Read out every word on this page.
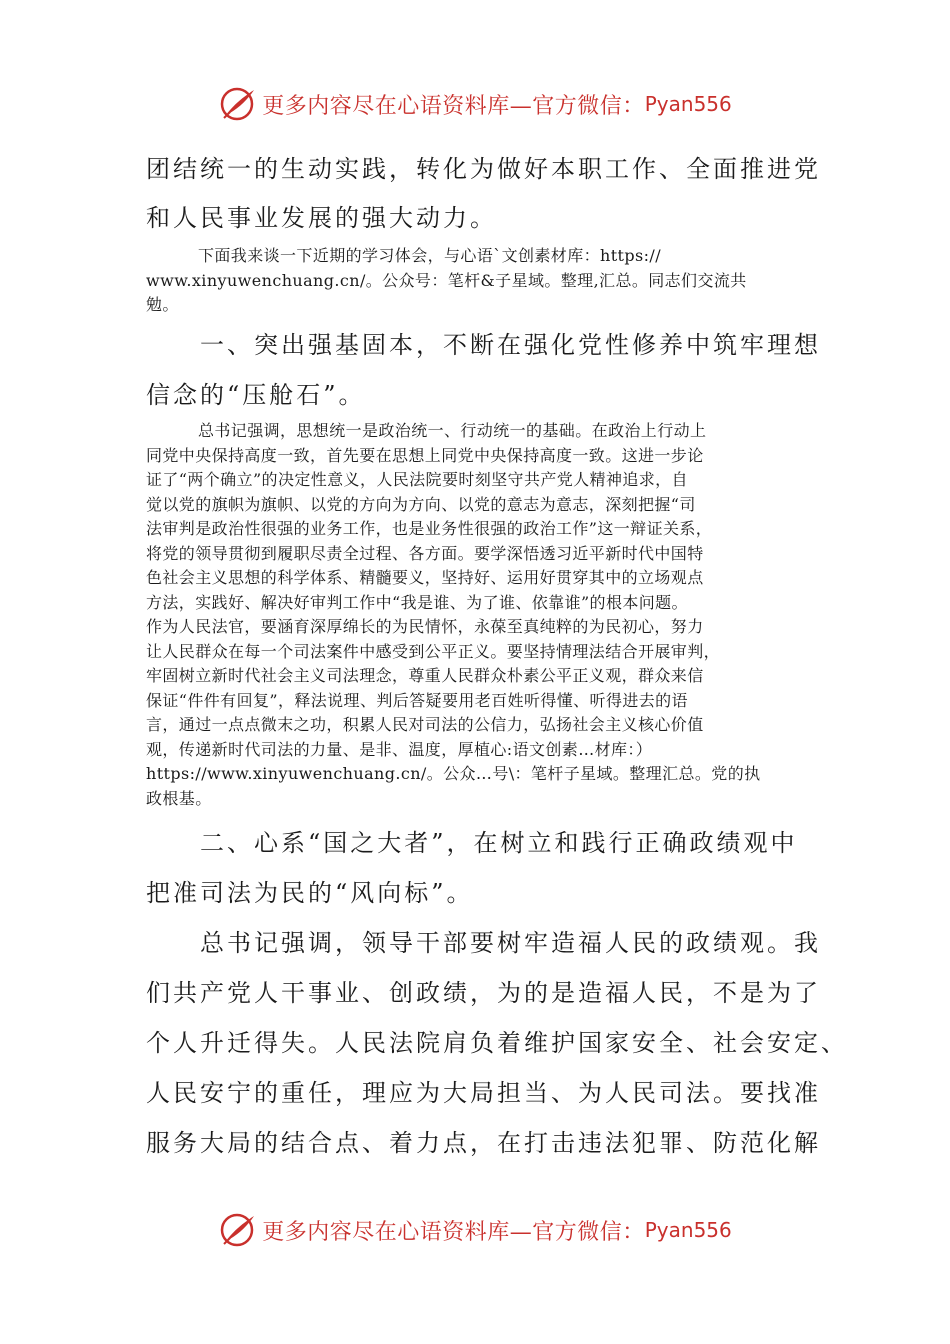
更多内容尽在心语资料库—官方微信： Pyan556
团结统一的生动实践，转化为做好本职工作、全面推进党
和人民事业发展的强大动力。
下面我来谈一下近期的学习体会，与心语`文创素材库：https://
www.xinyuwenchuang.cn/。公众号：笔杆&子星域。整理,汇总。同志们交流共
勉。
一、突出强基固本，不断在强化党性修养中筑牢理想
信念的“压舱石”。
总书记强调，思想统一是政治统一、行动统一的基础。在政治上行动上
同党中央保持高度一致，首先要在思想上同党中央保持高度一致。这进一步论
证了“两个确立”的决定性意义，人民法院要时刻坚守共产党人精神追求，自
觉以党的旗帜为旗帜、以党的方向为方向、以党的意志为意志，深刻把握“司
法审判是政治性很强的业务工作，也是业务性很强的政治工作”这一辩证关系，
将党的领导贯彻到履职尽责全过程、各方面。要学深悟透习近平新时代中国特
色社会主义思想的科学体系、精髓要义，坚持好、运用好贯穿其中的立场观点
方法，实践好、解决好审判工作中“我是谁、为了谁、依靠谁”的根本问题。
作为人民法官，要涵育深厚绵长的为民情怀，永葆至真纯粹的为民初心，努力
让人民群众在每一个司法案件中感受到公平正义。要坚持情理法结合开展审判，
牢固树立新时代社会主义司法理念，尊重人民群众朴素公平正义观，群众来信
保证“件件有回复”，释法说理、判后答疑要用老百姓听得懂、听得进去的语
言，通过一点点微末之功，积累人民对司法的公信力，弘扬社会主义核心价值
观，传递新时代司法的力量、是非、温度，厚植心:语文创素…材库：）
https://www.xinyuwenchuang.cn/。公众…号\：笔杆子星域。整理汇总。党的执
政根基。
二、心系“国之大者”，在树立和践行正确政绩观中
把准司法为民的“风向标”。
总书记强调，领导干部要树牢造福人民的政绩观。我
们共产党人干事业、创政绩，为的是造福人民，不是为了
个人升迁得失。人民法院肩负着维护国家安全、社会安定、
人民安宁的重任，理应为大局担当、为人民司法。要找准
服务大局的结合点、着力点，在打击违法犯罪、防范化解
更多内容尽在心语资料库—官方微信： Pyan556
